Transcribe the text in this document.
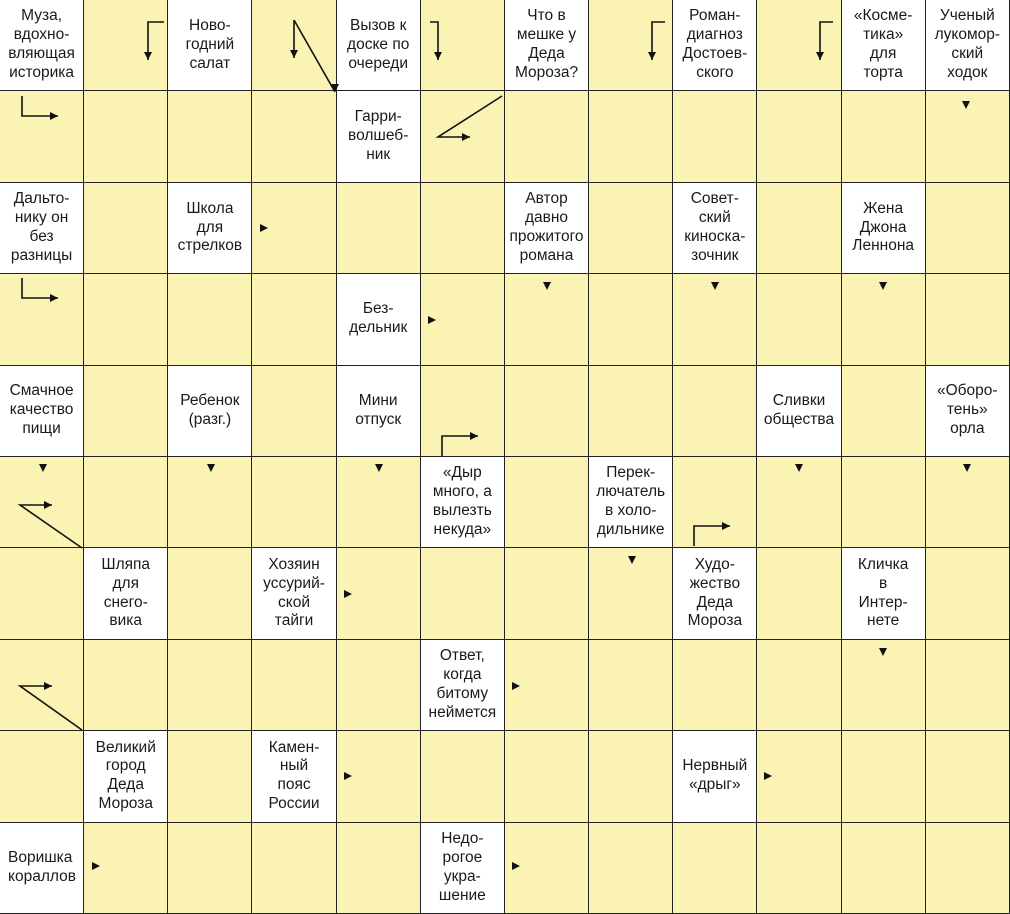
Муза,
вдохно-
вляющая
историка
Ново-
годний
салат
Вызов к
доске по
очереди
Что в
мешке у
Деда
Мороза?
Роман-
диагноз
Достоев-
ского
«Косме-
тика»
для
торта
Ученый
лукомор-
ский
ходок
Гарри-
волшеб-
ник
Дальто-
нику он
без
разницы
Школа
для
стрелков
Автор
давно
прожитого
романа
Совет-
ский
киноска-
зочник
Жена
Джона
Леннона
Без-
дельник
Смачное
качество
пищи
Ребенок
(разг.)
Мини
отпуск
Сливки
общества
«Оборо-
тень»
орла
«Дыр
много, а
вылезть
некуда»
Перек-
лючатель
в холо-
дильнике
Шляпа
для
снего-
вика
Хозяин
уссурий-
ской
тайги
Худо-
жество
Деда
Мороза
Кличка
в
Интер-
нете
Ответ,
когда
битому
неймется
Великий
город
Деда
Мороза
Камен-
ный
пояс
России
Нервный
«дрыг»
Воришка
кораллов
Недо-
рогое
укра-
шение
